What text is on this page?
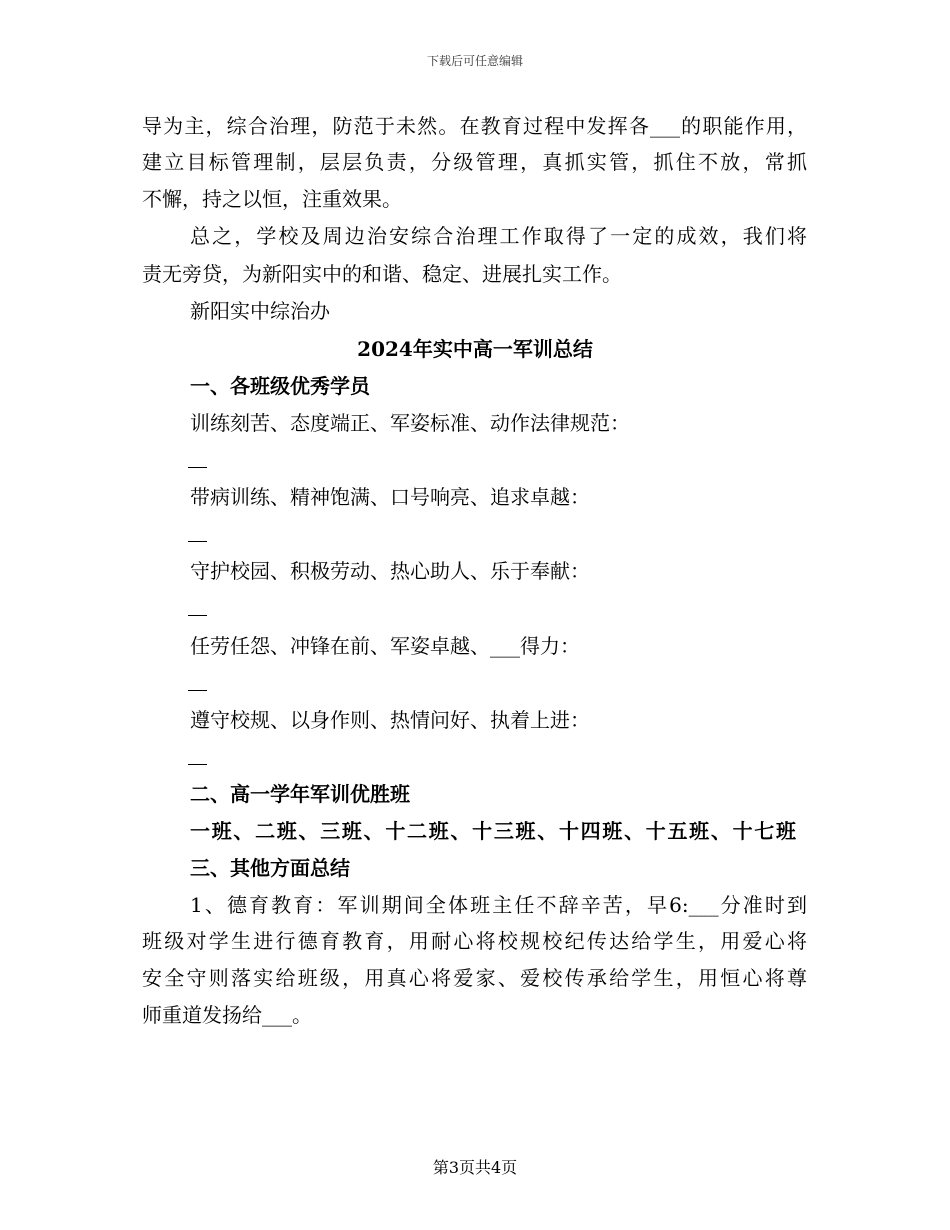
下载后可任意编辑
导为主，综合治理，防范于未然。在教育过程中发挥各___的职能作用，
建立目标管理制，层层负责，分级管理，真抓实管，抓住不放，常抓
不懈，持之以恒，注重效果。
总之，学校及周边治安综合治理工作取得了一定的成效，我们将
责无旁贷，为新阳实中的和谐、稳定、进展扎实工作。
新阳实中综治办
2024年实中高一军训总结
一、各班级优秀学员
训练刻苦、态度端正、军姿标准、动作法律规范：
带病训练、精神饱满、口号响亮、追求卓越：
守护校园、积极劳动、热心助人、乐于奉献：
任劳任怨、冲锋在前、军姿卓越、___得力：
遵守校规、以身作则、热情问好、执着上进：
二、高一学年军训优胜班
一班、二班、三班、十二班、十三班、十四班、十五班、十七班
三、其他方面总结
1、德育教育：军训期间全体班主任不辞辛苦，早6:___分准时到
班级对学生进行德育教育，用耐心将校规校纪传达给学生，用爱心将
安全守则落实给班级，用真心将爱家、爱校传承给学生，用恒心将尊
师重道发扬给___。
第3页共4页
